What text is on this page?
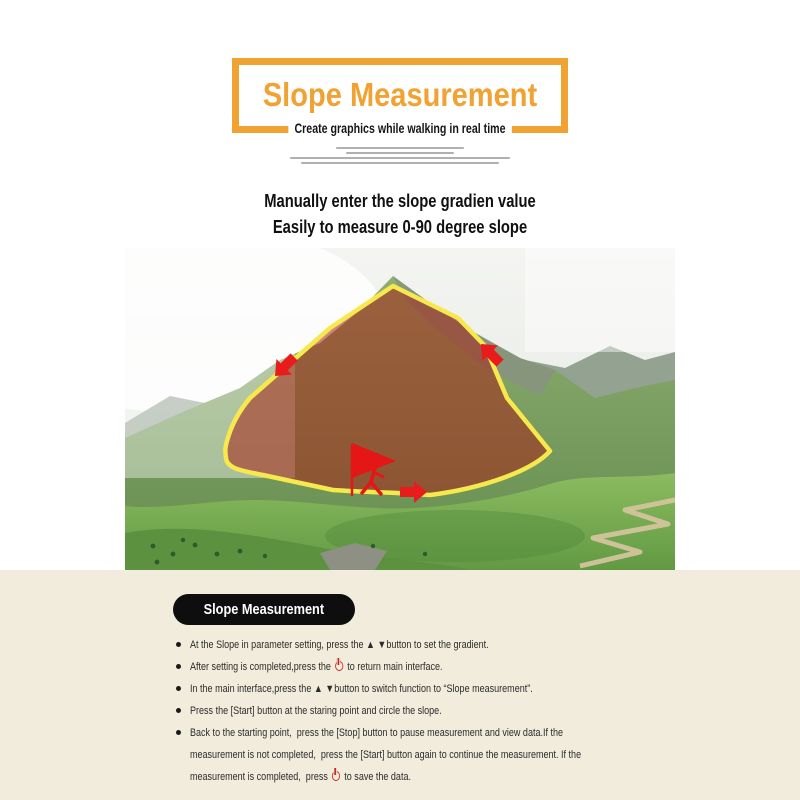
Slope Measurement
Create graphics while walking in real time
Manually enter the slope gradien value
Easily to measure 0-90 degree slope
Slope Measurement
At the Slope in parameter setting, press the ▲ ▼button to set the gradient.
After setting is completed,press the to return main interface.
In the main interface,press the ▲ ▼button to switch function to “Slope measurement”.
Press the [Start] button at the staring point and circle the slope.
Back to the starting point,  press the [Stop] button to pause measurement and view data.If the
measurement is not completed,  press the [Start] button again to continue the measurement. If the
measurement is completed,  press to save the data.
